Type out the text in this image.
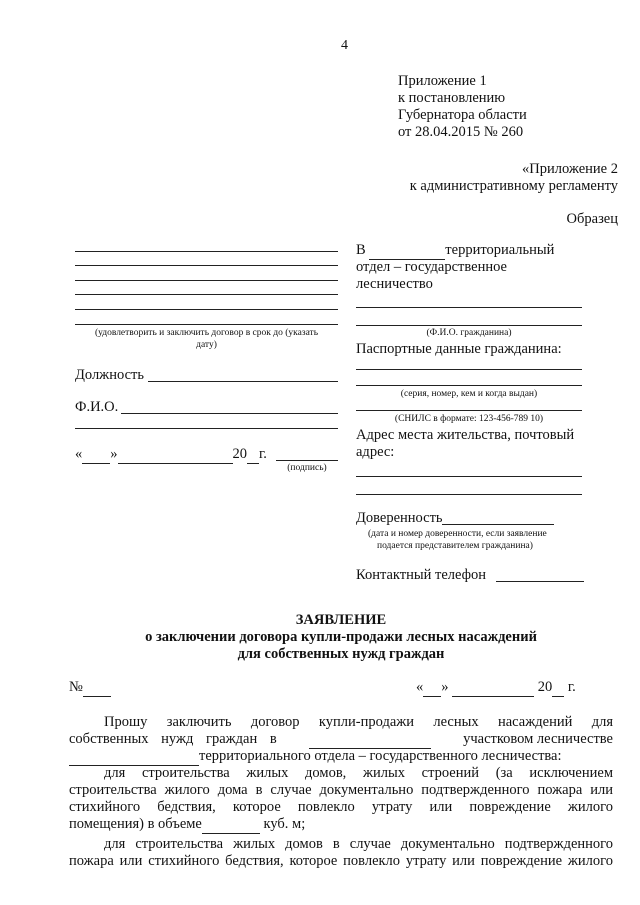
4
Приложение 1
к постановлению
Губернатора области
от 28.04.2015 № 260
«Приложение 2
к административному регламенту
Образец
(удовлетворить и заключить договор в срок до (указать
дату)
Должность
Ф.И.О.
« »	20 г.
(подпись)
В	территориальный
отдел – государственное
лесничество
(Ф.И.О. гражданина)
Паспортные данные гражданина:
(серия, номер, кем и когда выдан)
(СНИЛС в формате: 123-456-789 10)
Адрес места жительства, почтовый
адрес:
Доверенность
(дата и номер доверенности, если заявление
подается представителем гражданина)
Контактный телефон
ЗАЯВЛЕНИЕ
о заключении договора купли-продажи лесных насаждений
для собственных нужд граждан
№	« »	20 г.
Прошу заключить договор купли-продажи лесных насаждений для
собственных нужд граждан в
	участковом лесничестве
территориального отдела – государственного лесничества:
для строительства жилых домов, жилых строений (за исключением
строительства жилого дома в случае документально подтвержденного пожара или
стихийного бедствия, которое повлекло утрату или повреждение жилого
помещения) в объеме	куб. м;
для строительства жилых домов в случае документально подтвержденного
пожара или стихийного бедствия, которое повлекло утрату или повреждение жилого
